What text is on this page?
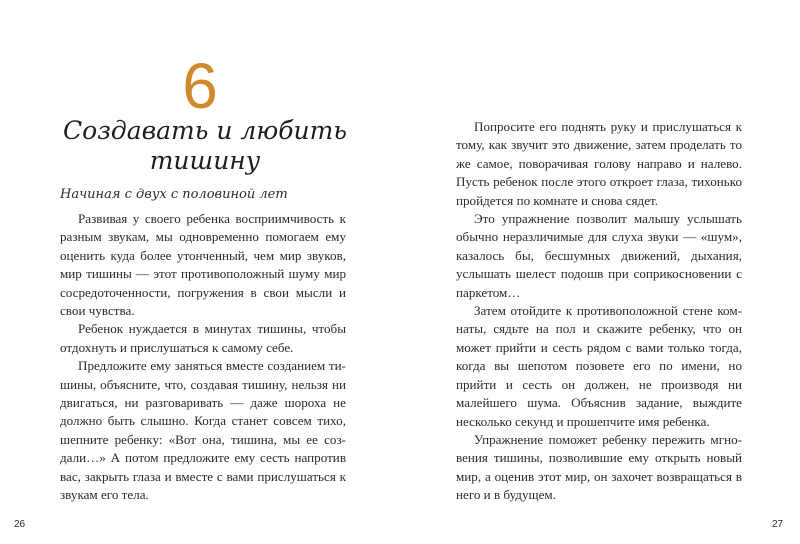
6
Создавать и любить тишину
Начиная с двух с половиной лет

Развивая у своего ребенка восприимчивость к разным звукам, мы одновременно помогаем ему оценить куда более утонченный, чем мир звуков, мир тишины — этот противоположный шуму мир сосредоточенности, погружения в свои мысли и свои чувства.

Ребенок нуждается в минутах тишины, чтобы отдохнуть и прислушаться к самому себе.

Предложите ему заняться вместе созданием тишины, объясните, что, создавая тишину, нельзя ни двигаться, ни разговаривать — даже шороха не должно быть слышно. Когда станет совсем тихо, шепните ребенку: «Вот она, тишина, мы ее создали…» А потом предложите ему сесть напротив вас, закрыть глаза и вместе с вами прислушаться к звукам его тела.

Попросите его поднять руку и прислушаться к тому, как звучит это движение, затем проделать то же самое, поворачивая голову направо и налево. Пусть ребенок после этого откроет глаза, тихонько пройдется по комнате и снова сядет.

Это упражнение позволит малышу услышать обычно неразличимые для слуха звуки — «шум», казалось бы, бесшумных движений, дыхания, услышать шелест подошв при соприкосновении с паркетом…

Затем отойдите к противоположной стене комнаты, сядьте на пол и скажите ребенку, что он может прийти и сесть рядом с вами только тогда, когда вы шепотом позовете его по имени, но прийти и сесть он должен, не производя ни малейшего шума. Объяснив задание, выждите несколько секунд и прошепчите имя ребенка.

Упражнение поможет ребенку пережить мгновения тишины, позволившие ему открыть новый мир, а оценив этот мир, он захочет возвращаться в него и в будущем.

26	27
